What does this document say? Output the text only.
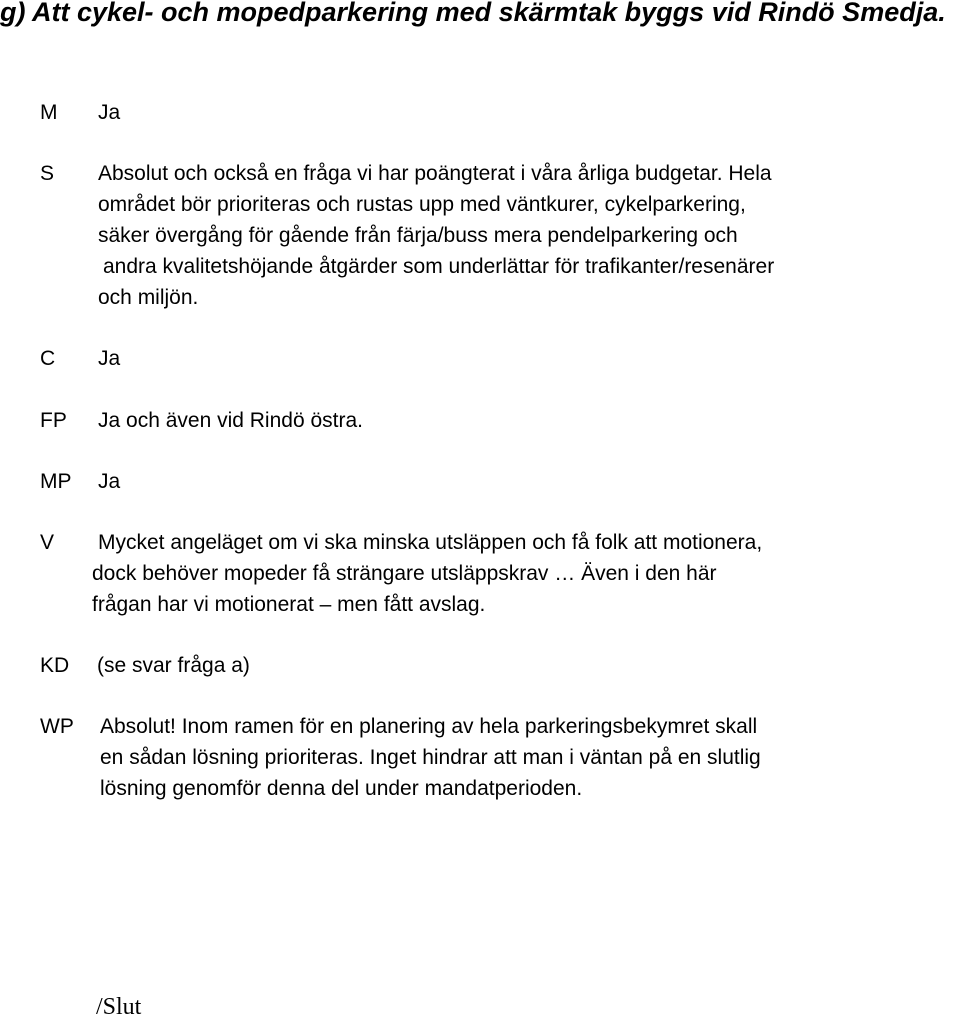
g) Att cykel- och mopedparkering med skärmtak byggs vid Rindö Smedja.
M Ja
S Absolut och också en fråga vi har poängterat i våra årliga budgetar. Hela
området bör prioriteras och rustas upp med väntkurer, cykelparkering,
säker övergång för gående från färja/buss mera pendelparkering och
andra kvalitetshöjande åtgärder som underlättar för trafikanter/resenärer
och miljön.
C Ja
FP Ja och även vid Rindö östra.
MP Ja
V Mycket angeläget om vi ska minska utsläppen och få folk att motionera,
dock behöver mopeder få strängare utsläppskrav … Även i den här
frågan har vi motionerat – men fått avslag.
KD (se svar fråga a)
WP Absolut! Inom ramen för en planering av hela parkeringsbekymret skall
en sådan lösning prioriteras. Inget hindrar att man i väntan på en slutlig
lösning genomför denna del under mandatperioden.
/Slut
